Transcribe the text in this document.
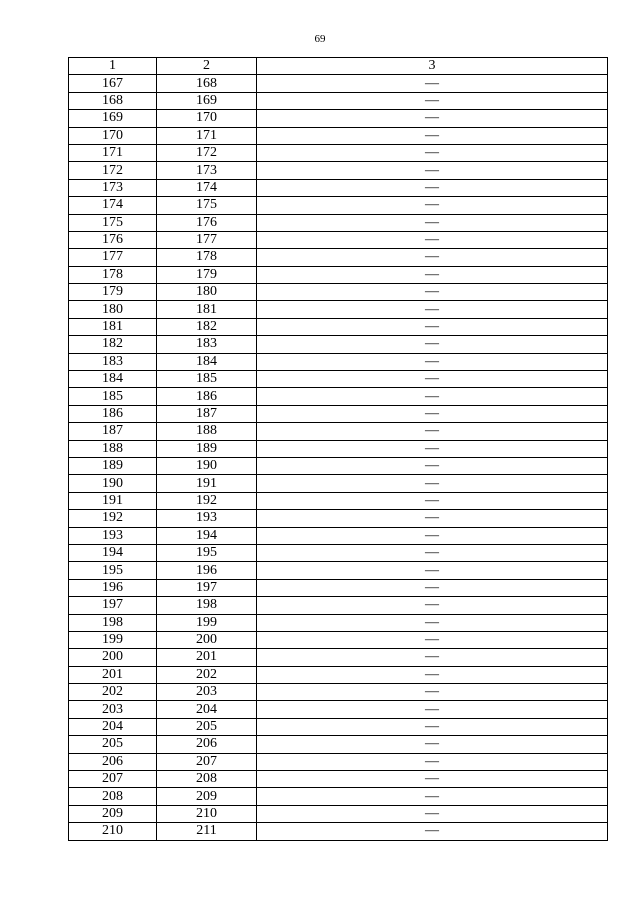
69
1	2	3
167	168	—
168	169	—
169	170	—
170	171	—
171	172	—
172	173	—
173	174	—
174	175	—
175	176	—
176	177	—
177	178	—
178	179	—
179	180	—
180	181	—
181	182	—
182	183	—
183	184	—
184	185	—
185	186	—
186	187	—
187	188	—
188	189	—
189	190	—
190	191	—
191	192	—
192	193	—
193	194	—
194	195	—
195	196	—
196	197	—
197	198	—
198	199	—
199	200	—
200	201	—
201	202	—
202	203	—
203	204	—
204	205	—
205	206	—
206	207	—
207	208	—
208	209	—
209	210	—
210	211	—
